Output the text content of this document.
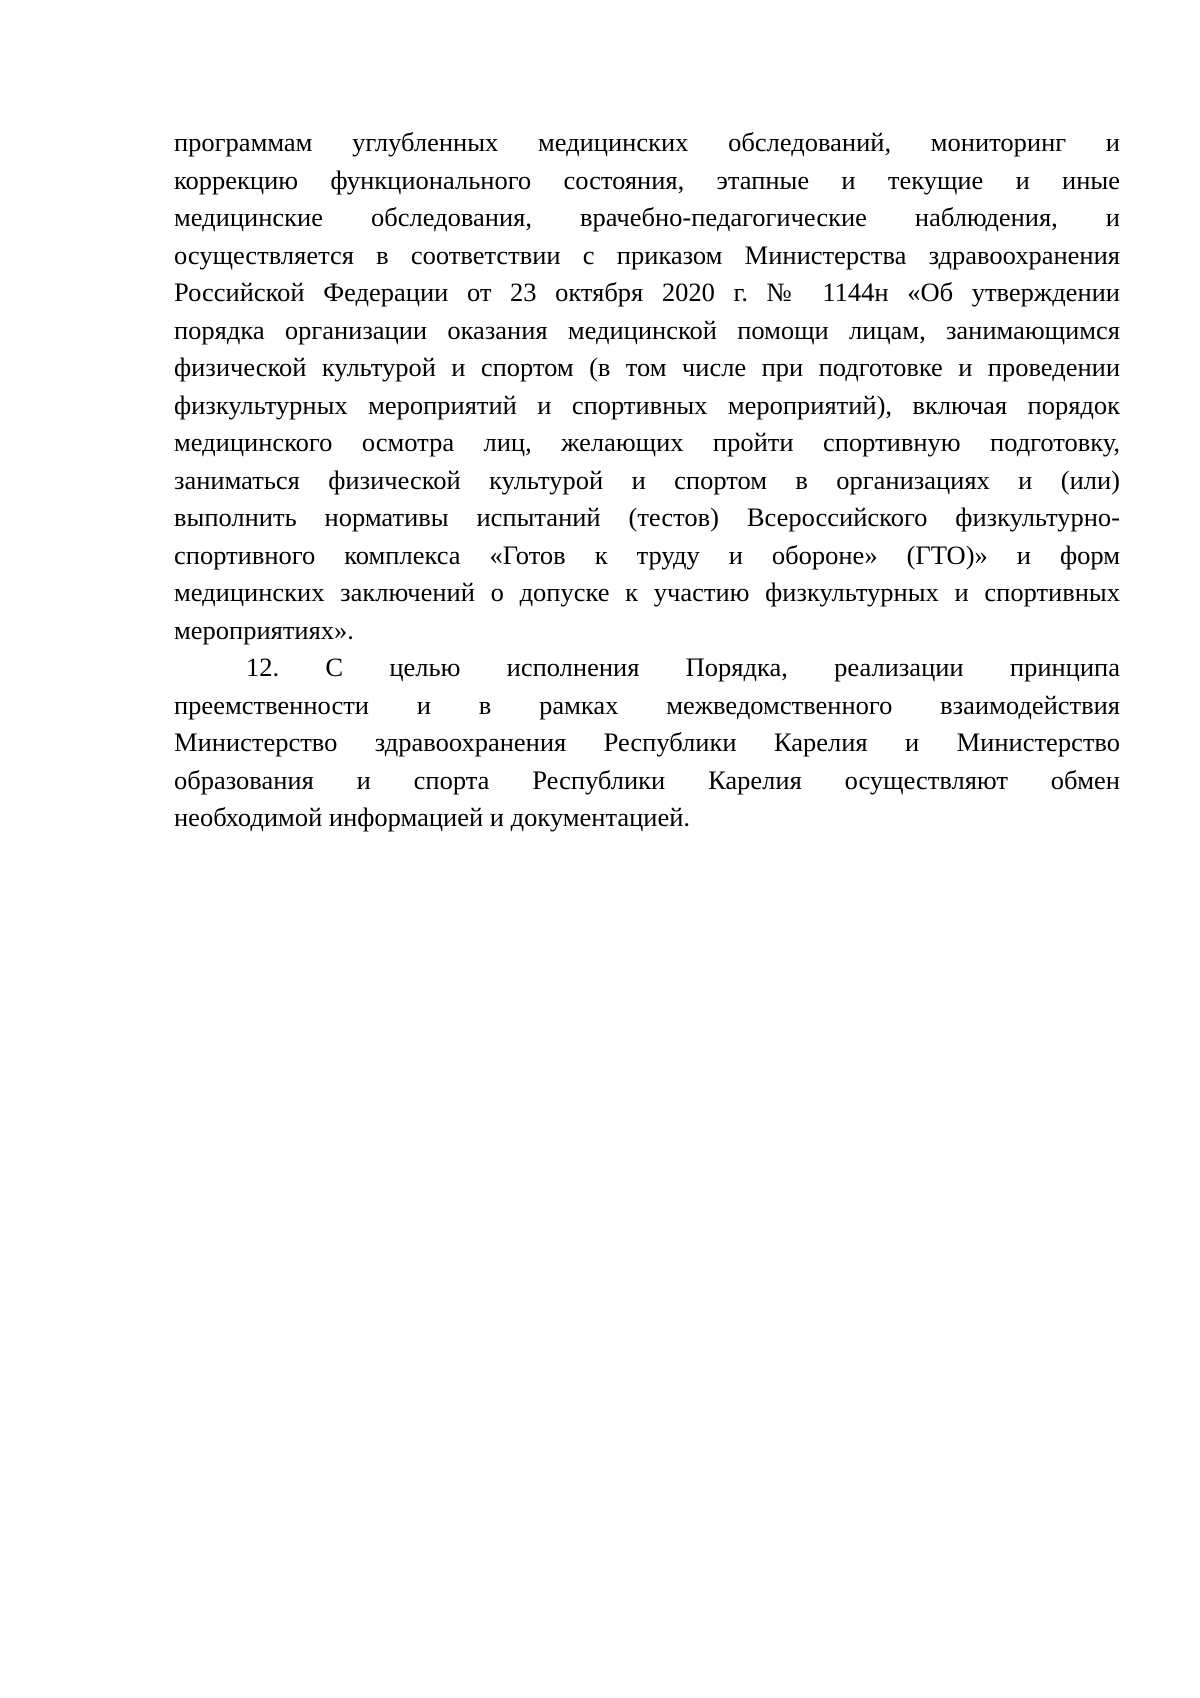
программам углубленных медицинских обследований, мониторинг и
коррекцию функционального состояния, этапные и текущие и иные
медицинские обследования, врачебно-педагогические наблюдения, и
осуществляется в соответствии с приказом Министерства здравоохранения
Российской Федерации от 23 октября 2020 г. № 1144н «Об утверждении
порядка организации оказания медицинской помощи лицам, занимающимся
физической культурой и спортом (в том числе при подготовке и проведении
физкультурных мероприятий и спортивных мероприятий), включая порядок
медицинского осмотра лиц, желающих пройти спортивную подготовку,
заниматься физической культурой и спортом в организациях и (или)
выполнить нормативы испытаний (тестов) Всероссийского физкультурно-
спортивного комплекса «Готов к труду и обороне» (ГТО)» и форм
медицинских заключений о допуске к участию физкультурных и спортивных
мероприятиях».
12. С целью исполнения Порядка, реализации принципа
преемственности и в рамках межведомственного взаимодействия
Министерство здравоохранения Республики Карелия и Министерство
образования и спорта Республики Карелия осуществляют обмен
необходимой информацией и документацией.
